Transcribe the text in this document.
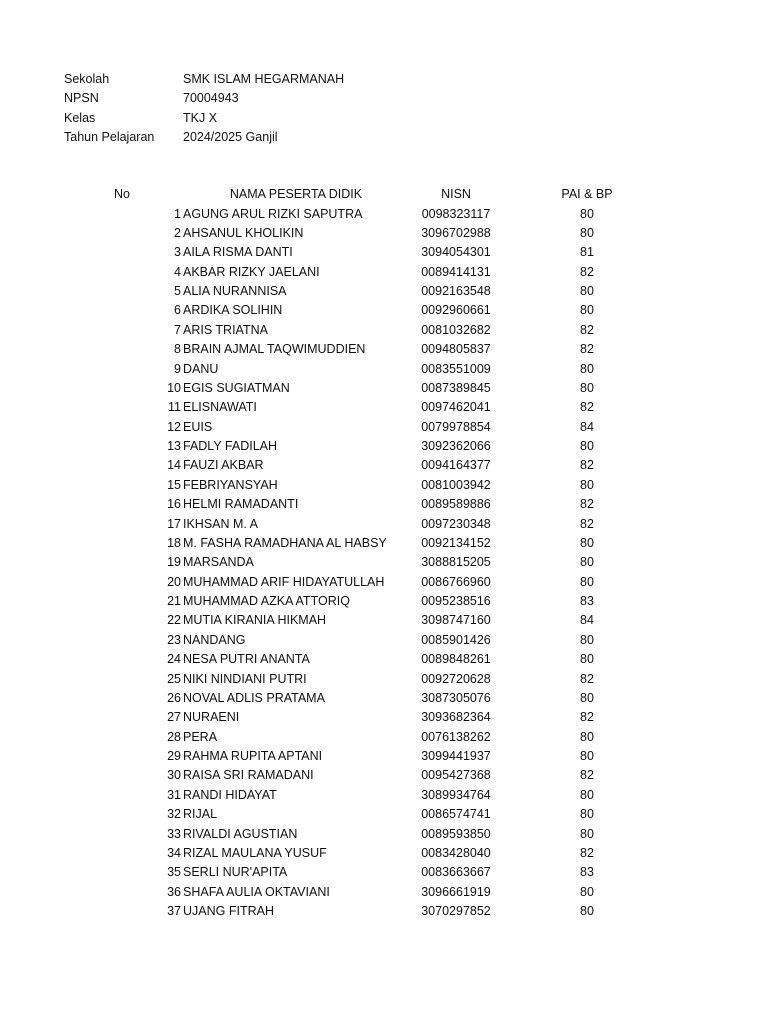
Sekolah	SMK ISLAM HEGARMANAH
NPSN	70004943
Kelas	TKJ X
Tahun Pelajaran	2024/2025 Ganjil
No	NAMA PESERTA DIDIK	NISN	PAI & BP
1 AGUNG ARUL RIZKI SAPUTRA	0098323117	80
2 AHSANUL KHOLIKIN	3096702988	80
3 AILA RISMA DANTI	3094054301	81
4 AKBAR RIZKY JAELANI	0089414131	82
5 ALIA NURANNISA	0092163548	80
6 ARDIKA SOLIHIN	0092960661	80
7 ARIS TRIATNA	0081032682	82
8 BRAIN AJMAL TAQWIMUDDIEN	0094805837	82
9 DANU	0083551009	80
10 EGIS SUGIATMAN	0087389845	80
11 ELISNAWATI	0097462041	82
12 EUIS	0079978854	84
13 FADLY FADILAH	3092362066	80
14 FAUZI AKBAR	0094164377	82
15 FEBRIYANSYAH	0081003942	80
16 HELMI RAMADANTI	0089589886	82
17 IKHSAN M. A	0097230348	82
18 M. FASHA RAMADHANA AL HABSY	0092134152	80
19 MARSANDA	3088815205	80
20 MUHAMMAD ARIF HIDAYATULLAH	0086766960	80
21 MUHAMMAD AZKA ATTORIQ	0095238516	83
22 MUTIA KIRANIA HIKMAH	3098747160	84
23 NANDANG	0085901426	80
24 NESA PUTRI ANANTA	0089848261	80
25 NIKI NINDIANI PUTRI	0092720628	82
26 NOVAL ADLIS PRATAMA	3087305076	80
27 NURAENI	3093682364	82
28 PERA	0076138262	80
29 RAHMA RUPITA APTANI	3099441937	80
30 RAISA SRI RAMADANI	0095427368	82
31 RANDI HIDAYAT	3089934764	80
32 RIJAL	0086574741	80
33 RIVALDI AGUSTIAN	0089593850	80
34 RIZAL MAULANA YUSUF	0083428040	82
35 SERLI NUR'APITA	0083663667	83
36 SHAFA AULIA OKTAVIANI	3096661919	80
37 UJANG FITRAH	3070297852	80
